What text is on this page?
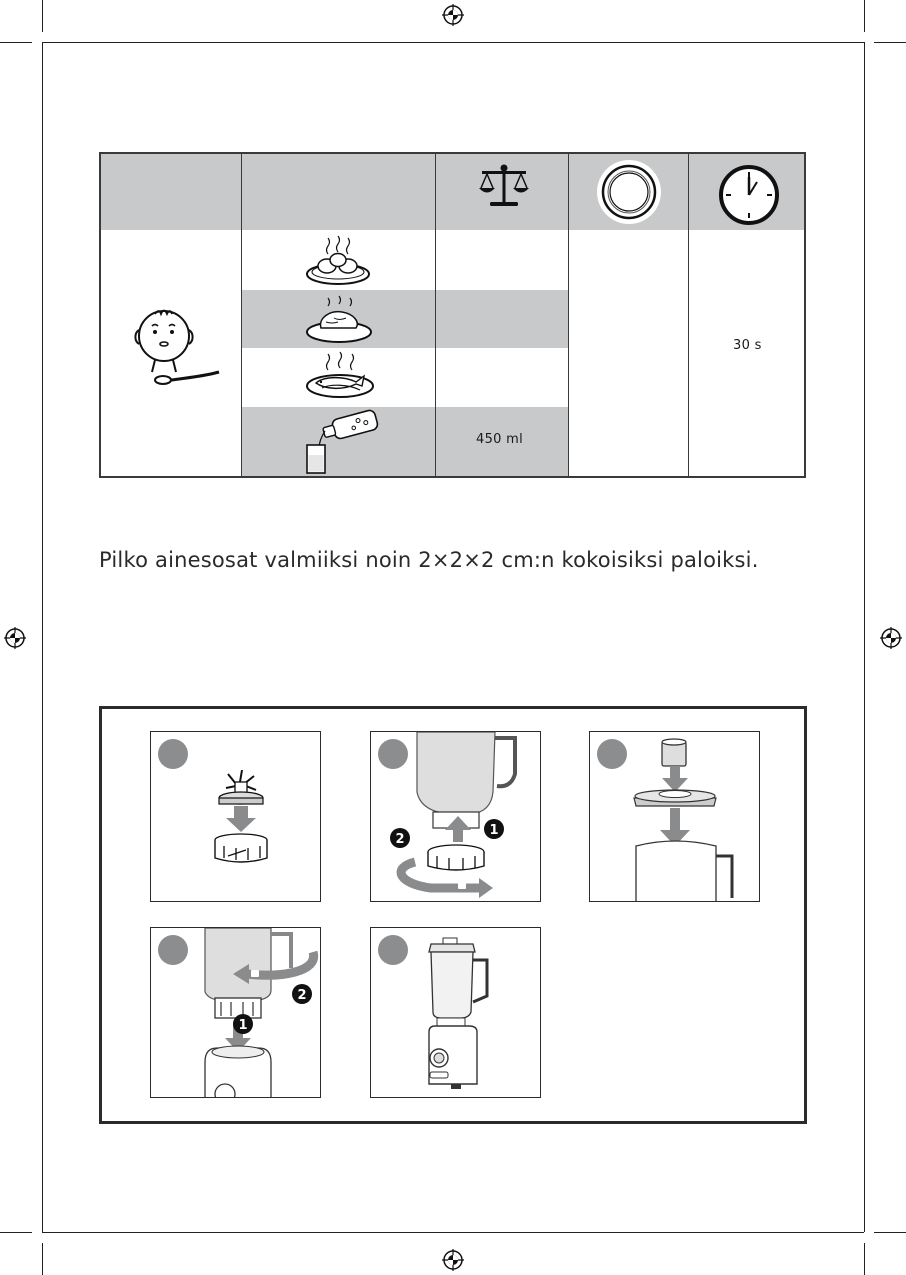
450 ml
30 s
Pilko ainesosat valmiiksi noin 2×2×2 cm:n kokoisiksi paloiksi.
1
2
1
2
